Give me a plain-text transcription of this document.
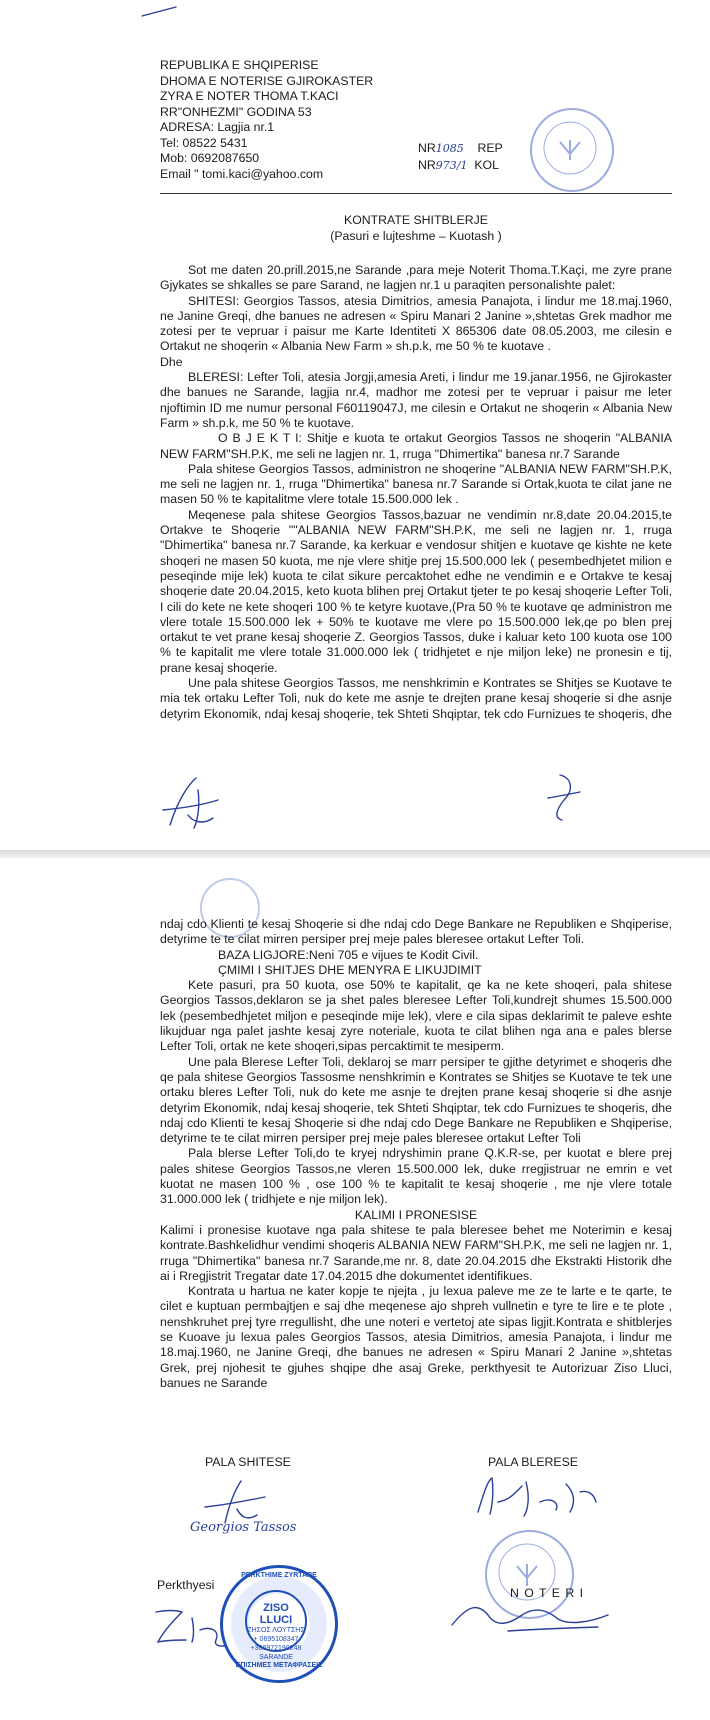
REPUBLIKA E SHQIPERISE
DHOMA E NOTERISE GJIROKASTER
ZYRA E NOTER THOMA T.KACI
RR"ONHEZMI" GODINA 53
ADRESA: Lagjia nr.1
Tel: 08522 5431
Mob: 0692087650
Email " tomi.kaci@yahoo.com
NR1085 REP
NR973/1 KOL
KONTRATE SHITBLERJE
(Pasuri e lujteshme – Kuotash )

Sot me daten 20.prill.2015,ne Sarande ,para meje Noterit Thoma.T.Kaçi, me zyre prane Gjykates se shkalles se pare Sarand, ne lagjen nr.1 u paraqiten personalishte palet:

SHITESI: Georgios Tassos, atesia Dimitrios, amesia Panajota, i lindur me 18.maj.1960, ne Janine Greqi, dhe banues ne adresen « Spiru Manari 2 Janine »,shtetas Grek madhor me zotesi per te vepruar i paisur me Karte Identiteti X 865306 date 08.05.2003, me cilesin e Ortakut ne shoqerin « Albania New Farm » sh.p.k, me 50 % te kuotave .

Dhe

BLERESI: Lefter Toli, atesia Jorgji,amesia Areti, i lindur me 19.janar.1956, ne Gjirokaster dhe banues ne Sarande, lagjia nr.4, madhor me zotesi per te vepruar i paisur me leter njoftimin ID me numur personal F60119047J, me cilesin e Ortakut ne shoqerin « Albania New Farm » sh.p.k, me 50 % te kuotave.

O B J E K T I: Shitje e kuota te ortakut Georgios Tassos ne shoqerin "ALBANIA NEW FARM"SH.P.K, me seli ne lagjen nr. 1, rruga "Dhimertika" banesa nr.7 Sarande

Pala shitese Georgios Tassos, administron ne shoqerine "ALBANIA NEW FARM"SH.P.K, me seli ne lagjen nr. 1, rruga "Dhimertika" banesa nr.7 Sarande si Ortak,kuota te cilat jane ne masen 50 % te kapitalitme vlere totale 15.500.000 lek .

Meqenese pala shitese Georgios Tassos,bazuar ne vendimin nr.8,date 20.04.2015,te Ortakve te Shoqerie ""ALBANIA NEW FARM"SH.P.K, me seli ne lagjen nr. 1, rruga "Dhimertika" banesa nr.7 Sarande, ka kerkuar e vendosur shitjen e kuotave qe kishte ne kete shoqeri ne masen 50 kuota, me nje vlere shitje prej 15.500.000 lek ( pesembedhjetet milion e peseqinde mije lek) kuota te cilat sikure percaktohet edhe ne vendimin e e Ortakve te kesaj shoqerie date 20.04.2015, keto kuota blihen prej Ortakut tjeter te po kesaj shoqerie Lefter Toli, I cili do kete ne kete shoqeri 100 % te ketyre kuotave,(Pra 50 % te kuotave qe administron me vlere totale 15.500.000 lek + 50% te kuotave me vlere po 15.500.000 lek,qe po blen prej ortakut te vet prane kesaj shoqerie Z. Georgios Tassos, duke i kaluar keto 100 kuota ose 100 % te kapitalit me vlere totale 31.000.000 lek ( tridhjetet e nje miljon leke) ne pronesin e tij, prane kesaj shoqerie.

Une pala shitese Georgios Tassos, me nenshkrimin e Kontrates se Shitjes se Kuotave te mia tek ortaku Lefter Toli, nuk do kete me asnje te drejten prane kesaj shoqerie si dhe asnje detyrim Ekonomik, ndaj kesaj shoqerie, tek Shteti Shqiptar, tek cdo Furnizues te shoqeris, dhe

ndaj cdo Klienti te kesaj Shoqerie si dhe ndaj cdo Dege Bankare ne Republiken e Shqiperise, detyrime te te cilat mirren persiper prej meje pales bleresee ortakut Lefter Toli.

BAZA LIGJORE:Neni 705 e vijues te Kodit Civil.

ÇMIMI I SHITJES DHE MENYRA E LIKUJDIMIT

Kete pasuri, pra 50 kuota, ose 50% te kapitalit, qe ka ne kete shoqeri, pala shitese Georgios Tassos,deklaron se ja shet pales bleresee Lefter Toli,kundrejt shumes 15.500.000 lek (pesembedhjetet miljon e peseqinde mije lek), vlere e cila sipas deklarimit te paleve eshte likujduar nga palet jashte kesaj zyre noteriale, kuota te cilat blihen nga ana e pales blerse Lefter Toli, ortak ne kete shoqeri,sipas percaktimit te mesiperm.

Une pala Blerese Lefter Toli, deklaroj se marr persiper te gjithe detyrimet e shoqeris dhe qe pala shitese Georgios Tassosme nenshkrimin e Kontrates se Shitjes se Kuotave te tek une ortaku bleres Lefter Toli, nuk do kete me asnje te drejten prane kesaj shoqerie si dhe asnje detyrim Ekonomik, ndaj kesaj shoqerie, tek Shteti Shqiptar, tek cdo Furnizues te shoqeris, dhe ndaj cdo Klienti te kesaj Shoqerie si dhe ndaj cdo Dege Bankare ne Republiken e Shqiperise, detyrime te te cilat mirren persiper prej meje pales bleresee ortakut Lefter Toli

Pala blerse Lefter Toli,do te kryej ndryshimin prane Q.K.R-se, per kuotat e blere prej pales shitese Georgios Tassos,ne vleren 15.500.000 lek, duke rregjistruar ne emrin e vet kuotat ne masen 100 % , ose 100 % te kapitalit te kesaj shoqerie , me nje vlere totale 31.000.000 lek ( tridhjete e nje miljon lek).

KALIMI I PRONESISE

Kalimi i pronesise kuotave nga pala shitese te pala bleresee behet me Noterimin e kesaj kontrate.Bashkelidhur vendimi shoqeris ALBANIA NEW FARM"SH.P.K, me seli ne lagjen nr. 1, rruga "Dhimertika" banesa nr.7 Sarande,me nr. 8, date 20.04.2015 dhe Ekstrakti Historik dhe ai i Rregjistrit Tregatar date 17.04.2015 dhe dokumentet identifikues.

Kontrata u hartua ne kater kopje te njejta , ju lexua paleve me ze te larte e te qarte, te cilet e kuptuan permbajtjen e saj dhe meqenese ajo shpreh vullnetin e tyre te lire e te plote , nenshkruhet prej tyre rregullisht, dhe une noteri e vertetoj ate sipas ligjit.Kontrata e shitblerjes se Kuoave ju lexua pales Georgios Tassos, atesia Dimitrios, amesia Panajota, i lindur me 18.maj.1960, ne Janine Greqi, dhe banues ne adresen « Spiru Manari 2 Janine »,shtetas Grek, prej njohesit te gjuhes shqipe dhe asaj Greke, perkthyesit te Autorizuar Ziso Lluci, banues ne Sarande

PALA SHITESE	PALA BLERESE
Georgios Tassos
N O T E R I
Perkthyesi
PERKTHIME ZYRTARE
ZISO LLUCI
ΖΗΣΟΣ ΛΟΥΤΣΗΣ
+ 0695108347
+306972199248
SARANDE
ΕΠΙΣΗΜΕΣ ΜΕΤΑΦΡΑΣΕΙΣ
